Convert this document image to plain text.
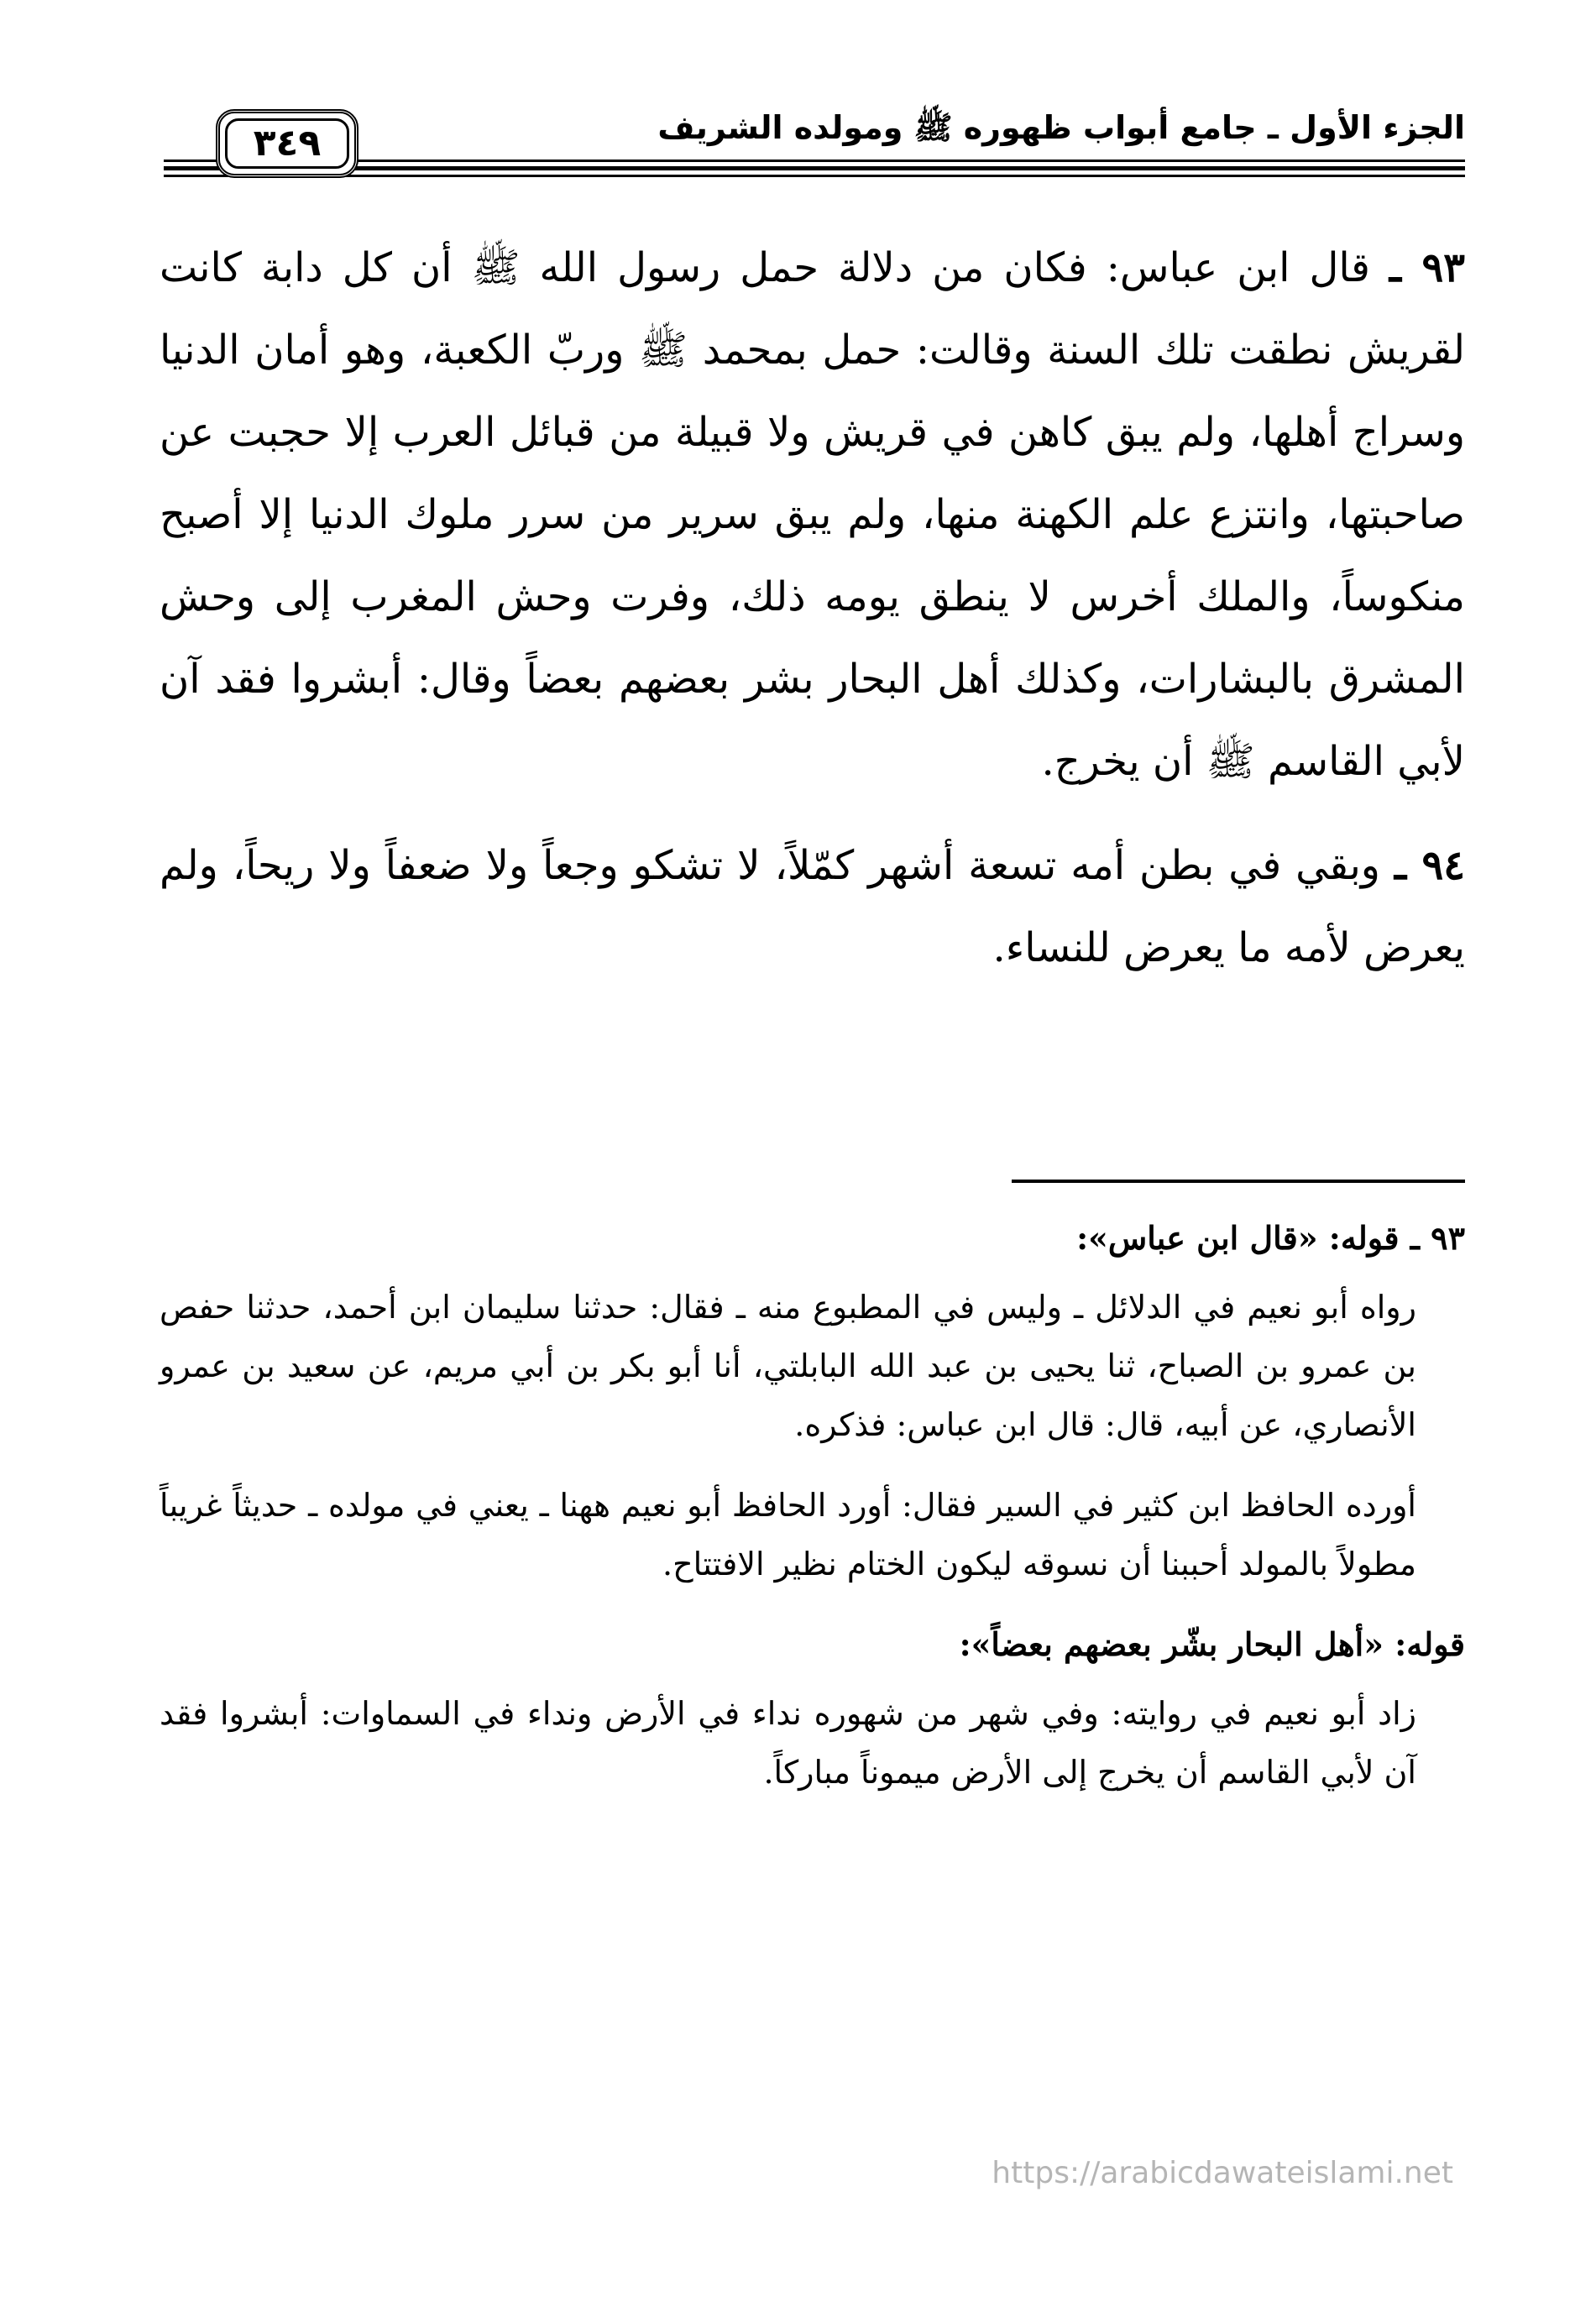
الجزء الأول ـ جامع أبواب ظهوره ﷺ ومولده الشريف
٣٤٩

٩٣ ـ قال ابن عباس: فكان من دلالة حمل رسول الله ﷺ أن كل دابة كانت لقريش نطقت تلك السنة وقالت: حمل بمحمد ﷺ وربّ الكعبة، وهو أمان الدنيا وسراج أهلها، ولم يبق كاهن في قريش ولا قبيلة من قبائل العرب إلا حجبت عن صاحبتها، وانتزع علم الكهنة منها، ولم يبق سرير من سرر ملوك الدنيا إلا أصبح منكوساً، والملك أخرس لا ينطق يومه ذلك، وفرت وحش المغرب إلى وحش المشرق بالبشارات، وكذلك أهل البحار بشر بعضهم بعضاً وقال: أبشروا فقد آن لأبي القاسم ﷺ أن يخرج.

٩٤ ـ وبقي في بطن أمه تسعة أشهر كمّلاً، لا تشكو وجعاً ولا ضعفاً ولا ريحاً، ولم يعرض لأمه ما يعرض للنساء.

٩٣ ـ قوله: «قال ابن عباس»:

رواه أبو نعيم في الدلائل ـ وليس في المطبوع منه ـ فقال: حدثنا سليمان ابن أحمد، حدثنا حفص بن عمرو بن الصباح، ثنا يحيى بن عبد الله البابلتي، أنا أبو بكر بن أبي مريم، عن سعيد بن عمرو الأنصاري، عن أبيه، قال: قال ابن عباس: فذكره.

أورده الحافظ ابن كثير في السير فقال: أورد الحافظ أبو نعيم ههنا ـ يعني في مولده ـ حديثاً غريباً مطولاً بالمولد أحببنا أن نسوقه ليكون الختام نظير الافتتاح.

قوله: «أهل البحار بشّر بعضهم بعضاً»:

زاد أبو نعيم في روايته: وفي شهر من شهوره نداء في الأرض ونداء في السماوات: أبشروا فقد آن لأبي القاسم أن يخرج إلى الأرض ميموناً مباركاً.

https://arabicdawateislami.net
